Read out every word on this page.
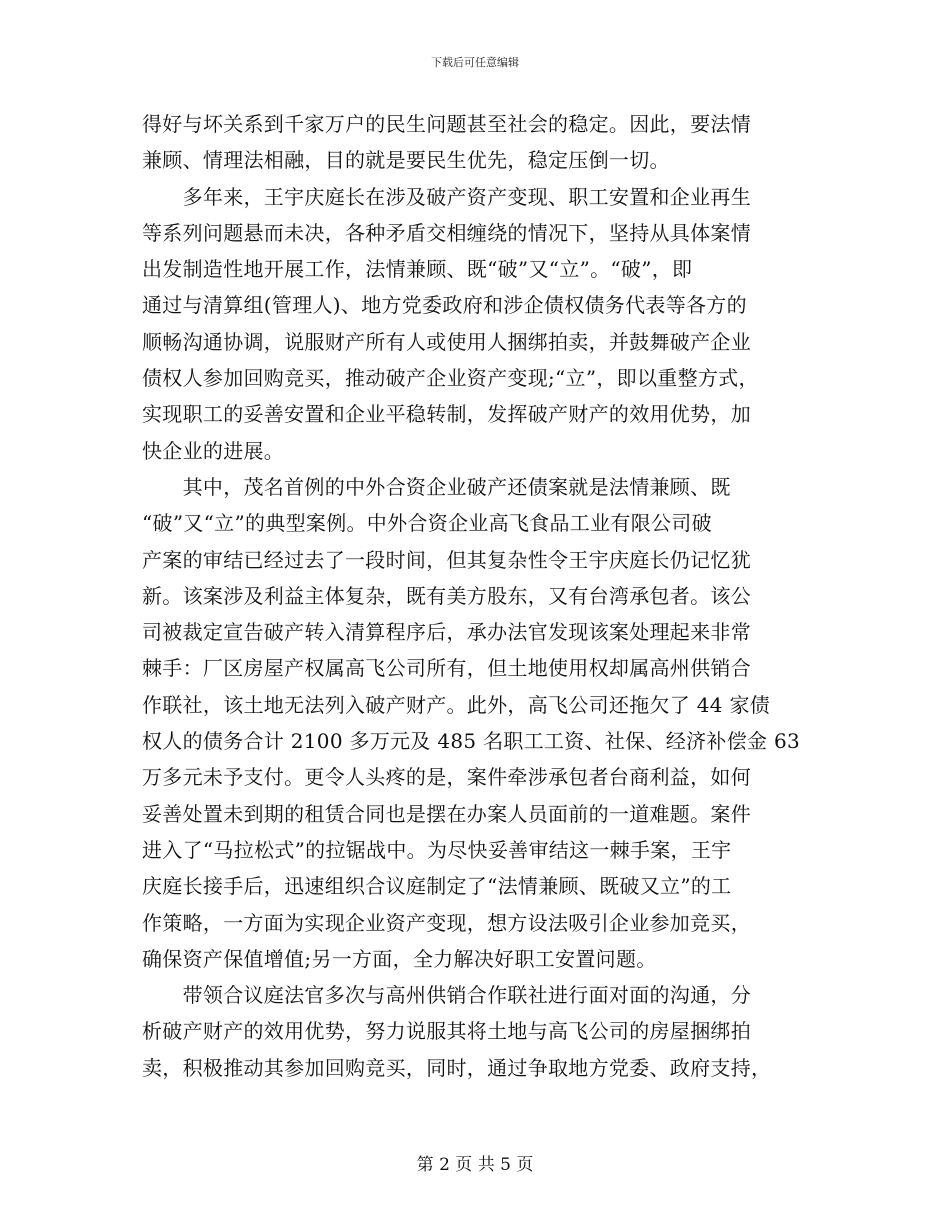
下载后可任意编辑
得好与坏关系到千家万户的民生问题甚至社会的稳定。因此，要法情
兼顾、情理法相融，目的就是要民生优先，稳定压倒一切。
　　多年来，王宇庆庭长在涉及破产资产变现、职工安置和企业再生
等系列问题悬而未决，各种矛盾交相缠绕的情况下，坚持从具体案情
出发制造性地开展工作，法情兼顾、既“破”又“立”。“破”，即
通过与清算组(管理人)、地方党委政府和涉企债权债务代表等各方的
顺畅沟通协调，说服财产所有人或使用人捆绑拍卖，并鼓舞破产企业
债权人参加回购竞买，推动破产企业资产变现;“立”，即以重整方式，
实现职工的妥善安置和企业平稳转制，发挥破产财产的效用优势，加
快企业的进展。
　　其中，茂名首例的中外合资企业破产还债案就是法情兼顾、既
“破”又“立”的典型案例。中外合资企业高飞食品工业有限公司破
产案的审结已经过去了一段时间，但其复杂性令王宇庆庭长仍记忆犹
新。该案涉及利益主体复杂，既有美方股东，又有台湾承包者。该公
司被裁定宣告破产转入清算程序后，承办法官发现该案处理起来非常
棘手：厂区房屋产权属高飞公司所有，但土地使用权却属高州供销合
作联社，该土地无法列入破产财产。此外，高飞公司还拖欠了 44 家债
权人的债务合计 2100 多万元及 485 名职工工资、社保、经济补偿金 63
万多元未予支付。更令人头疼的是，案件牵涉承包者台商利益，如何
妥善处置未到期的租赁合同也是摆在办案人员面前的一道难题。案件
进入了“马拉松式”的拉锯战中。为尽快妥善审结这一棘手案，王宇
庆庭长接手后，迅速组织合议庭制定了“法情兼顾、既破又立”的工
作策略，一方面为实现企业资产变现，想方设法吸引企业参加竞买，
确保资产保值增值;另一方面，全力解决好职工安置问题。
　　带领合议庭法官多次与高州供销合作联社进行面对面的沟通，分
析破产财产的效用优势，努力说服其将土地与高飞公司的房屋捆绑拍
卖，积极推动其参加回购竞买，同时，通过争取地方党委、政府支持，
第 2 页 共 5 页
